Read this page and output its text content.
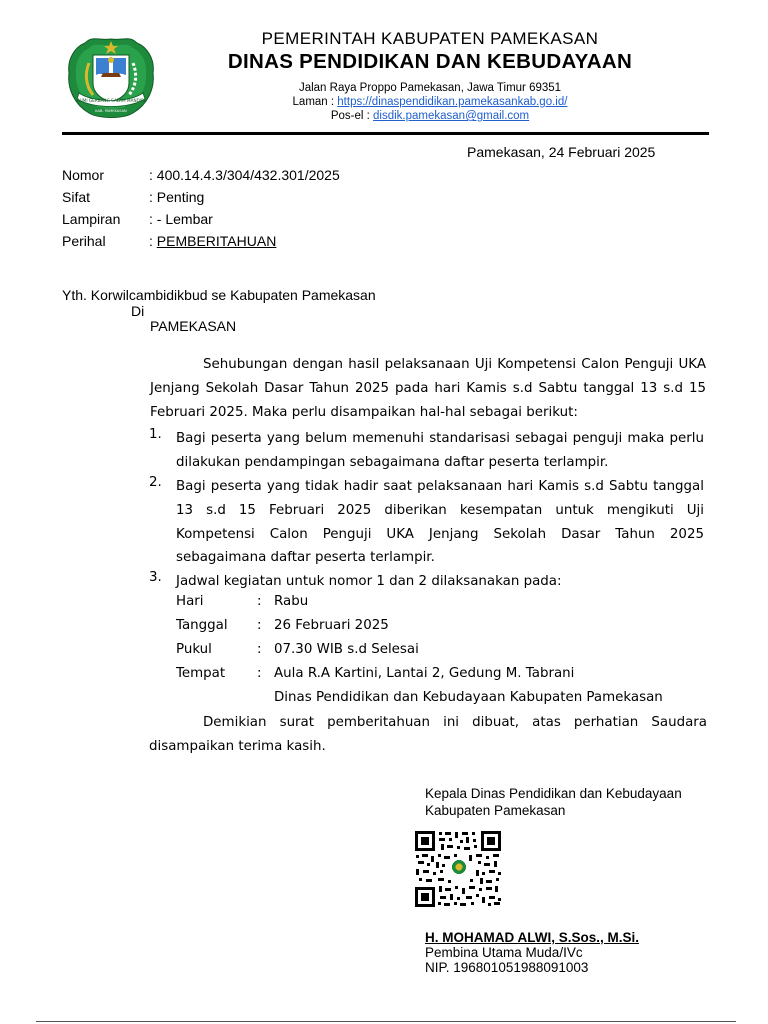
BUMI GERBANG SALAM MANDIRI
KAB. PAMEKASAN
PEMERINTAH KABUPATEN PAMEKASAN
DINAS PENDIDIKAN DAN KEBUDAYAAN
Jalan Raya Proppo Pamekasan, Jawa Timur 69351
Laman : https://dinaspendidikan.pamekasankab.go.id/
Pos-el : disdik.pamekasan@gmail.com
Pamekasan, 24 Februari 2025
Nomor	: 400.14.4.3/304/432.301/2025
Sifat	: Penting
Lampiran : - Lembar
Perihal	: PEMBERITAHUAN
Yth. Korwilcambidikbud se Kabupaten Pamekasan
Di
PAMEKASAN
Sehubungan dengan hasil pelaksanaan Uji Kompetensi Calon Penguji UKA Jenjang Sekolah Dasar Tahun 2025 pada hari Kamis s.d Sabtu tanggal 13 s.d 15 Februari 2025. Maka perlu disampaikan hal-hal sebagai berikut:
1. Bagi peserta yang belum memenuhi standarisasi sebagai penguji maka perlu dilakukan pendampingan sebagaimana daftar peserta terlampir.
2. Bagi peserta yang tidak hadir saat pelaksanaan hari Kamis s.d Sabtu tanggal 13 s.d 15 Februari 2025 diberikan kesempatan untuk mengikuti Uji Kompetensi Calon Penguji UKA Jenjang Sekolah Dasar Tahun 2025 sebagaimana daftar peserta terlampir.
3. Jadwal kegiatan untuk nomor 1 dan 2 dilaksanakan pada:
Hari	: Rabu
Tanggal : 26 Februari 2025
Pukul	: 07.30 WIB s.d Selesai
Tempat : Aula R.A Kartini, Lantai 2, Gedung M. Tabrani
Dinas Pendidikan dan Kebudayaan Kabupaten Pamekasan
Demikian surat pemberitahuan ini dibuat, atas perhatian Saudara disampaikan terima kasih.
Kepala Dinas Pendidikan dan Kebudayaan
Kabupaten Pamekasan
H. MOHAMAD ALWI, S.Sos., M.Si.
Pembina Utama Muda/IVc
NIP. 196801051988091003
